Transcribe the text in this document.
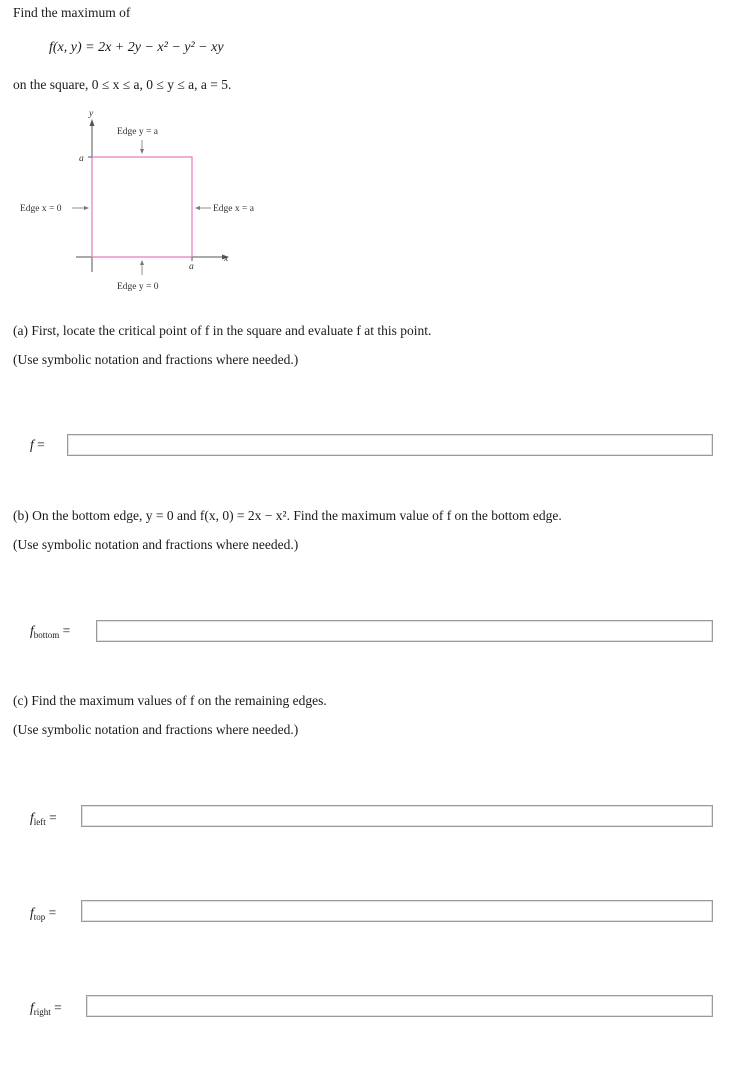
Find the maximum of
f(x, y) = 2x + 2y − x² − y² − xy
on the square, 0 ≤ x ≤ a, 0 ≤ y ≤ a, a = 5.
y
x
a
a
Edge y = a
Edge x = 0	Edge x = a
Edge y = 0
(a) First, locate the critical point of f in the square and evaluate f at this point.
(Use symbolic notation and fractions where needed.)
f =
(b) On the bottom edge, y = 0 and f(x, 0) = 2x − x². Find the maximum value of f on the bottom edge.
(Use symbolic notation and fractions where needed.)
$f_{bottom}$ =
(c) Find the maximum values of f on the remaining edges.
(Use symbolic notation and fractions where needed.)
$f_{left}$ =
$f_{top}$ =
$f_{right}$ =
